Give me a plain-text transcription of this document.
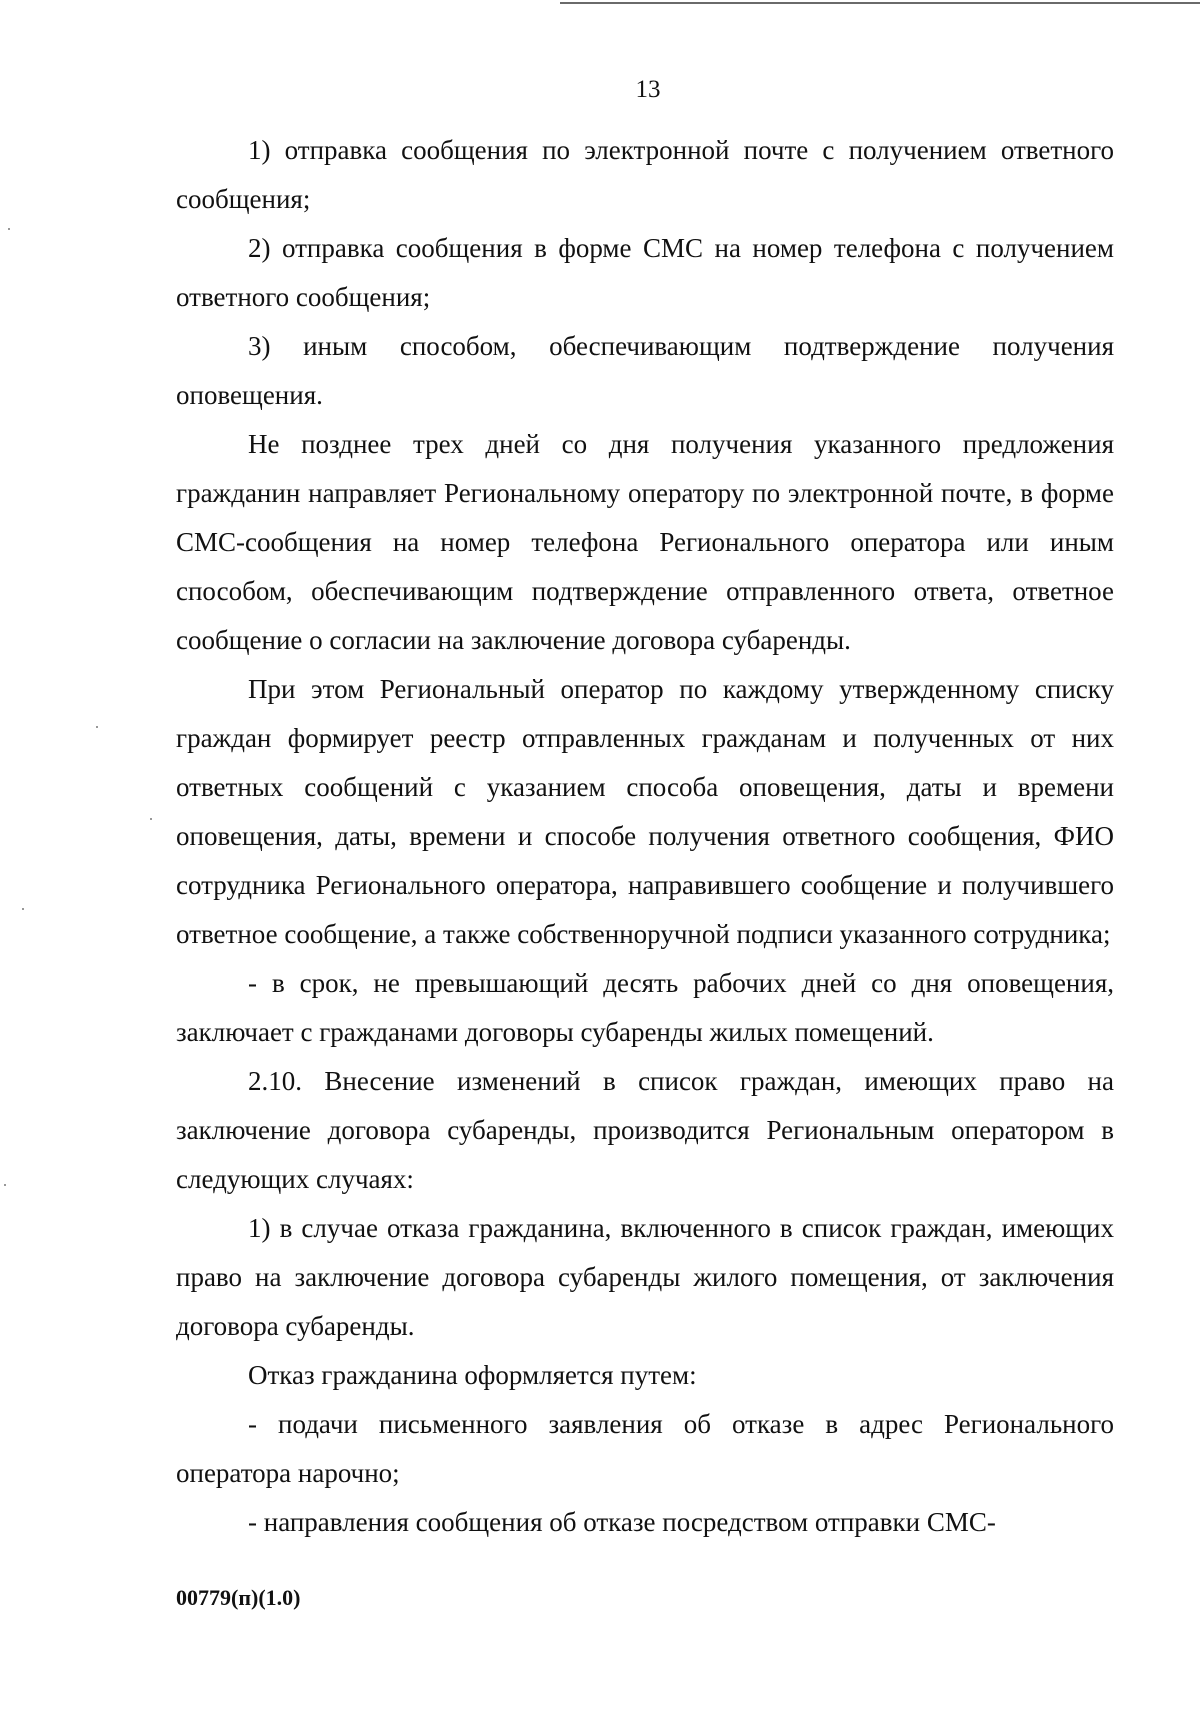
13

1) отправка сообщения по электронной почте с получением ответного сообщения;

2) отправка сообщения в форме СМС на номер телефона с получением ответного сообщения;

3) иным способом, обеспечивающим подтверждение получения оповещения.

Не позднее трех дней со дня получения указанного предложения гражданин направляет Региональному оператору по электронной почте, в форме СМС-сообщения на номер телефона Регионального оператора или иным способом, обеспечивающим подтверждение отправленного ответа, ответное сообщение о согласии на заключение договора субаренды.

При этом Региональный оператор по каждому утвержденному списку граждан формирует реестр отправленных гражданам и полученных от них ответных сообщений с указанием способа оповещения, даты и времени оповещения, даты, времени и способе получения ответного сообщения, ФИО сотрудника Регионального оператора, направившего сообщение и получившего ответное сообщение, а также собственноручной подписи указанного сотрудника;

- в срок, не превышающий десять рабочих дней со дня оповещения, заключает с гражданами договоры субаренды жилых помещений.

2.10. Внесение изменений в список граждан, имеющих право на заключение договора субаренды, производится Региональным оператором в следующих случаях:

1) в случае отказа гражданина, включенного в список граждан, имеющих право на заключение договора субаренды жилого помещения, от заключения договора субаренды.

Отказ гражданина оформляется путем:

- подачи письменного заявления об отказе в адрес Регионального оператора нарочно;

- направления сообщения об отказе посредством отправки СМС-

00779(п)(1.0)
